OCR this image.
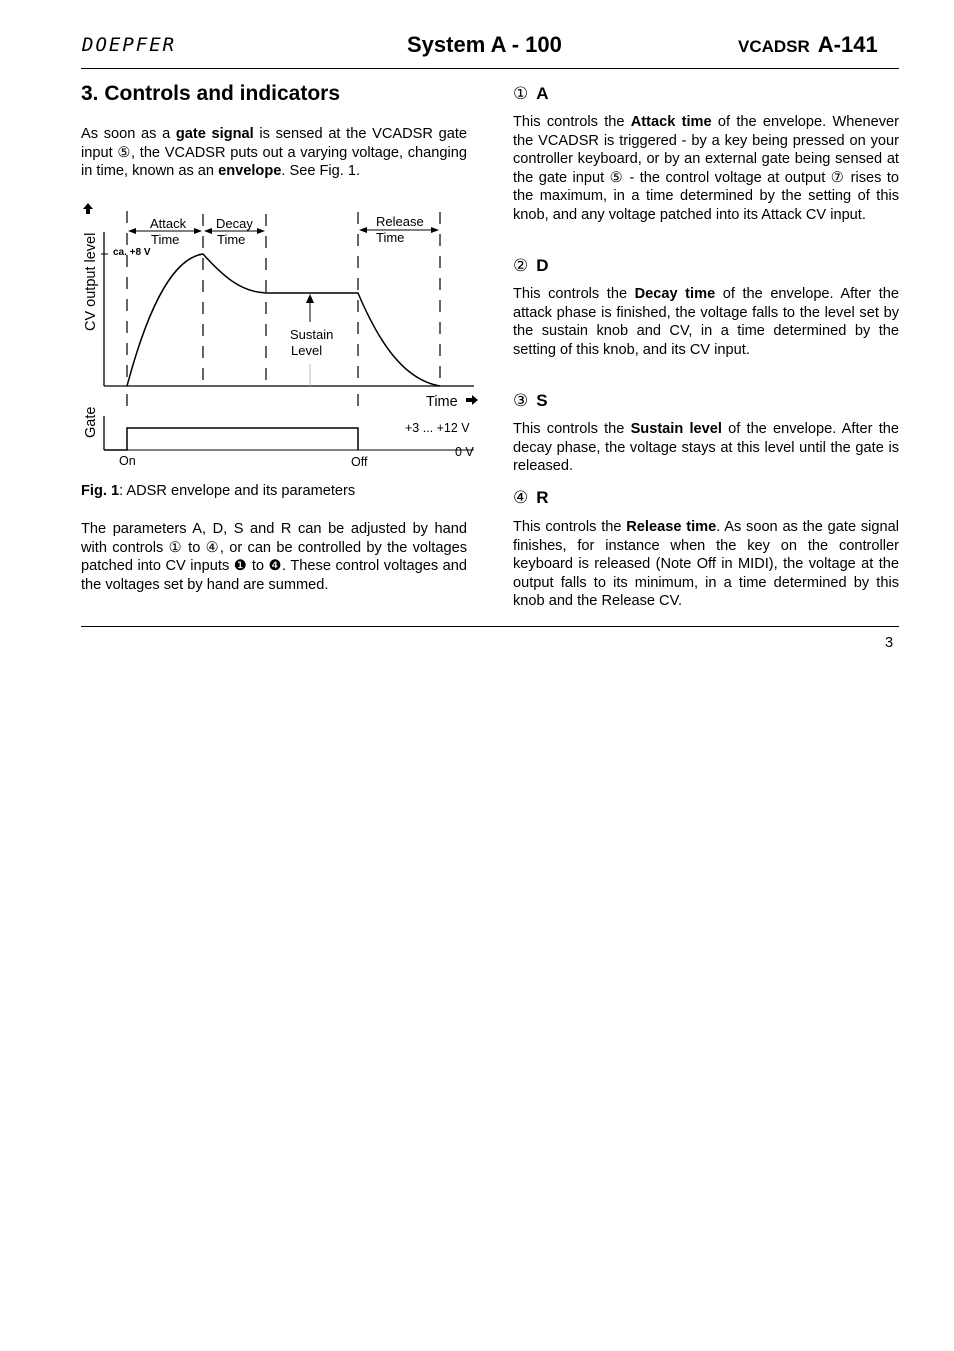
DOEPFER	System A - 100	VCADSR A-141
3. Controls and indicators

As soon as a gate signal is sensed at the VCADSR gate input ⑤, the VCADSR puts out a varying voltage, changing in time, known as an envelope. See Fig. 1.

CV output level
Gate
ca. +8 V
Attack
Time
Decay
Time
Release
Time
Sustain
Level
Time
+3 ... +12 V
0 V
On	Off
Fig. 1: ADSR envelope and its parameters

The parameters A, D, S and R can be adjusted by hand with controls ① to ④, or can be controlled by the voltages patched into CV inputs ❶ to ❹. These control voltages and the voltages set by hand are summed.

① A

This controls the Attack time of the envelope. Whenever the VCADSR is triggered - by a key being pressed on your controller keyboard, or by an external gate being sensed at the gate input ⑤ - the control voltage at output ⑦ rises to the maximum, in a time determined by the setting of this knob, and any voltage patched into its Attack CV input.

② D

This controls the Decay time of the envelope. After the attack phase is finished, the voltage falls to the level set by the sustain knob and CV, in a time determined by the setting of this knob, and its CV input.

③ S

This controls the Sustain level of the envelope. After the decay phase, the voltage stays at this level until the gate is released.

④ R

This controls the Release time. As soon as the gate signal finishes, for instance when the key on the controller keyboard is released (Note Off in MIDI), the voltage at the output falls to its minimum, in a time determined by this knob and the Release CV.

3
